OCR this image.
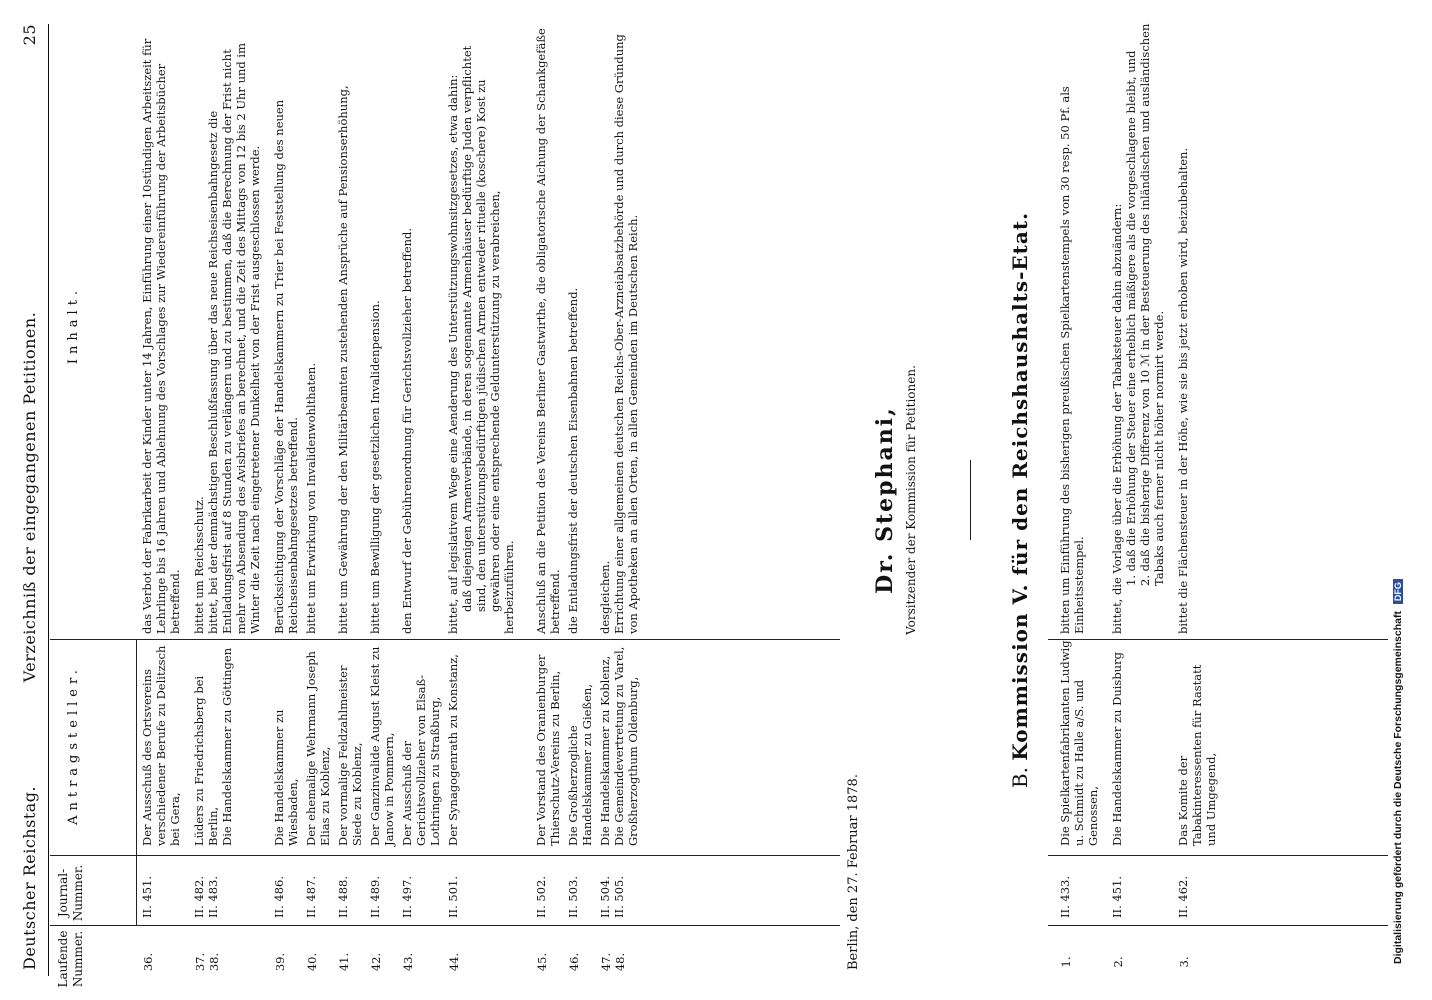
Deutscher Reichstag.
Verzeichniß der eingegangenen Petitionen.
25
Laufende Nummer.
Journal-Nummer.
Antragsteller.
Inhalt.
36.
II. 451.
Der Ausschuß des Ortsvereins verschiedener Berufe zu Delitzsch bei Gera,
das Verbot der Fabrikarbeit der Kinder unter 14 Jahren, Einführung einer 10stündigen Arbeitszeit für Lehrlinge bis 16 Jahren und Ablehnung des Vorschlages zur Wiedereinführung der Arbeitsbücher betreffend.
37.
38.
II. 482.
II. 483.
Lüders zu Friedrichsberg bei Berlin,
Die Handelskammer zu Göttingen
bittet um Reichsschutz. bittet, bei der demnächstigen Beschlußfassung über das neue Reichseisenbahngesetz die Entladungsfrist auf 8 Stunden zu verlängern und zu bestimmen, daß die Berechnung der Frist nicht mehr von Absendung des Avisbriefes an berechnet, und die Zeit des Mittags von 12 bis 2 Uhr und im Winter die Zeit nach eingetretener Dunkelheit von der Frist ausgeschlossen werde.
39.
II. 486.
Die Handelskammer zu Wiesbaden,
Berücksichtigung der Vorschläge der Handelskammern zu Trier bei Feststellung des neuen Reichseisenbahngesetzes betreffend.
40.
II. 487.
Der ehemalige Wehrmann Joseph Elias zu Koblenz,
bittet um Erwirkung von Invalidenwohlthaten.
41.
II. 488.
Der vormalige Feldzahlmeister Siede zu Koblenz,
bittet um Gewährung der den Militärbeamten zustehenden Ansprüche auf Pensionserhöhung,
42.
II. 489.
Der Ganzinvalide August Kleist zu Janow in Pommern,
bittet um Bewilligung der gesetzlichen Invalidenpension.
43.
II. 497.
Der Ausschuß der Gerichtsvollzieher von Elsaß-Lothringen zu Straßburg,
den Entwurf der Gebührenordnung für Gerichtsvollzieher betreffend.
44.
II. 501.
Der Synagogenrath zu Konstanz,
bittet, auf legislativem Wege eine Aenderung des Unterstützungswohnsitzgesetzes, etwa dahin: daß diejenigen Armenverbände, in deren sogenannte Armenhäuser bedürftige Juden verpflichtet sind, den unterstützungsbedürftigen jüdischen Armen entweder rituelle (koschere) Kost zu gewähren oder eine entsprechende Geldunterstützung zu verabreichen, herbeizuführen.
45.
II. 502.
Der Vorstand des Oranienburger Thierschutz-Vereins zu Berlin,
Anschluß an die Petition des Vereins Berliner Gastwirthe, die obligatorische Aichung der Schankgefäße betreffend.
46.
II. 503.
Die Großherzogliche Handelskammer zu Gießen,
die Entladungsfrist der deutschen Eisenbahnen betreffend.
47.
48.
II. 504.
II. 505.
Die Handelskammer zu Koblenz,
Die Gemeindevertretung zu Varel, Großherzogthum Oldenburg,
desgleichen. Errichtung einer allgemeinen deutschen Reichs-Ober-Arzneiabsatzbehörde und durch diese Gründung von Apotheken an allen Orten, in allen Gemeinden im Deutschen Reich.
Berlin, den 27. Februar 1878.
Dr. Stephani, Vorsitzender der Kommission für Petitionen.
B. Kommission V. für den Reichshaushalts-Etat.
1.
II. 433.
Die Spielkartenfabrikanten Ludwig u. Schmidt zu Halle a/S. und Genossen,
bitten um Einführung des bisherigen preußischen Spielkartenstempels von 30 resp. 50 Pf. als Einheitsstempel.
2.
II. 451.
Die Handelskammer zu Duisburg
bittet, die Vorlage über die Erhöhung der Tabaksteuer dahin abzuändern: 1. daß die Erhöhung der Steuer eine erheblich mäßigere als die vorgeschlagene bleibt, und 2. daß die bisherige Differenz von 10 ℳ in der Besteuerung des inländischen und ausländischen Tabaks auch ferner nicht höher normirt werde.
3.
II. 462.
Das Komite der Tabakinteressenten für Rastatt und Umgegend,
bittet die Flächensteuer in der Höhe, wie sie bis jetzt erhoben wird, beizubehalten.
Digitalisierung gefördert durch die Deutsche Forschungsgemeinschaft DFG
